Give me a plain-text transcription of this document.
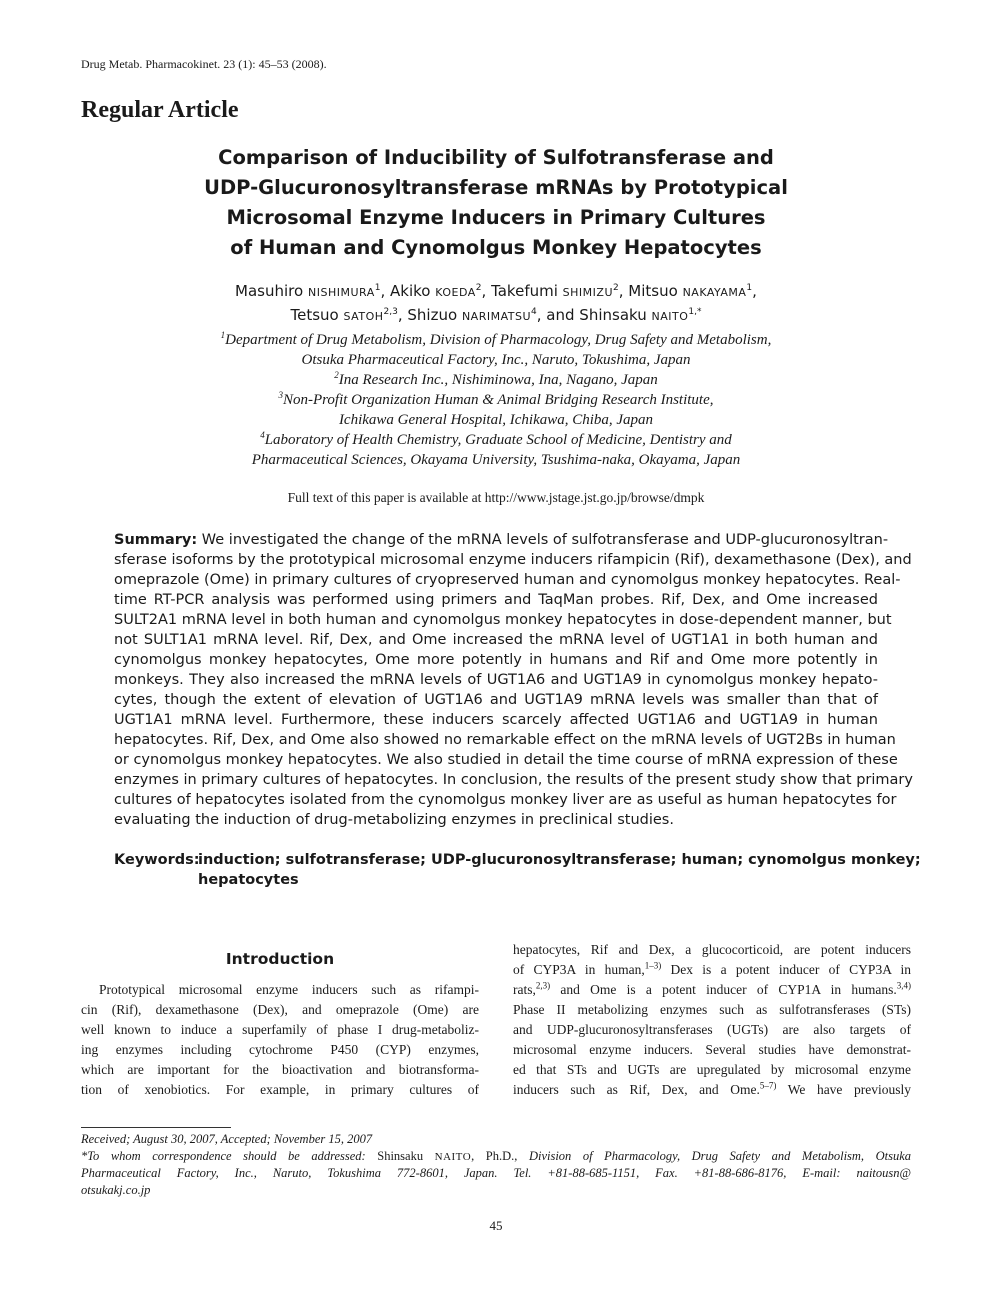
Drug Metab. Pharmacokinet. 23 (1): 45–53 (2008).
Regular Article
Comparison of Inducibility of Sulfotransferase and
UDP-Glucuronosyltransferase mRNAs by Prototypical
Microsomal Enzyme Inducers in Primary Cultures
of Human and Cynomolgus Monkey Hepatocytes
Masuhiro NISHIMURA$^1$, Akiko KOEDA$^2$, Takefumi SHIMIZU$^2$, Mitsuo NAKAYAMA$^1$,
Tetsuo SATOH$^{2,3}$, Shizuo NARIMATSU$^4$, and Shinsaku $NAITO^{1,*}$
$^1$Department of Drug Metabolism, Division of Pharmacology, Drug Safety and Metabolism,
Otsuka Pharmaceutical Factory, Inc., Naruto, Tokushima, Japan
$^2$Ina Research Inc., Nishiminowa, Ina, Nagano, Japan
$^3$Non-Profit Organization Human & Animal Bridging Research Institute,
Ichikawa General Hospital, Ichikawa, Chiba, Japan
$^4$Laboratory of Health Chemistry, Graduate School of Medicine, Dentistry and
Pharmaceutical Sciences, Okayama University, Tsushima-naka, Okayama, Japan
Full text of this paper is available at http://www.jstage.jst.go.jp/browse/dmpk
Summary: We investigated the change of the mRNA levels of sulfotransferase and UDP-glucuronosyltran-
sferase isoforms by the prototypical microsomal enzyme inducers rifampicin (Rif), dexamethasone (Dex), and
omeprazole (Ome) in primary cultures of cryopreserved human and cynomolgus monkey hepatocytes. Real-
time RT-PCR analysis was performed using primers and TaqMan probes. Rif, Dex, and Ome increased
SULT2A1 mRNA level in both human and cynomolgus monkey hepatocytes in dose-dependent manner, but
not SULT1A1 mRNA level. Rif, Dex, and Ome increased the mRNA level of UGT1A1 in both human and
cynomolgus monkey hepatocytes, Ome more potently in humans and Rif and Ome more potently in
monkeys. They also increased the mRNA levels of UGT1A6 and UGT1A9 in cynomolgus monkey hepato-
cytes, though the extent of elevation of UGT1A6 and UGT1A9 mRNA levels was smaller than that of
UGT1A1 mRNA level. Furthermore, these inducers scarcely affected UGT1A6 and UGT1A9 in human
hepatocytes. Rif, Dex, and Ome also showed no remarkable effect on the mRNA levels of UGT2Bs in human
or cynomolgus monkey hepatocytes. We also studied in detail the time course of mRNA expression of these
enzymes in primary cultures of hepatocytes. In conclusion, the results of the present study show that primary
cultures of hepatocytes isolated from the cynomolgus monkey liver are as useful as human hepatocytes for
evaluating the induction of drug-metabolizing enzymes in preclinical studies.
Keywords:
induction; sulfotransferase; UDP-glucuronosyltransferase; human; cynomolgus monkey;
hepatocytes
Introduction
Prototypical microsomal enzyme inducers such as rifampi-
cin (Rif), dexamethasone (Dex), and omeprazole (Ome) are
well known to induce a superfamily of phase I drug-metaboliz-
ing enzymes including cytochrome P450 (CYP) enzymes,
which are important for the bioactivation and biotransforma-
tion of xenobiotics. For example, in primary cultures of
hepatocytes, Rif and Dex, a glucocorticoid, are potent inducers
of CYP3A in human,$^{1-3)}$ Dex is a potent inducer of CYP3A in
rats,$^{2,3)}$ and Ome is a potent inducer of CYP1A in humans.$^{3,4)}$
Phase II metabolizing enzymes such as sulfotransferases (STs)
and UDP-glucuronosyltransferases (UGTs) are also targets of
microsomal enzyme inducers. Several studies have demonstrat-
ed that STs and UGTs are upregulated by microsomal enzyme
inducers such as Rif, Dex, and Ome.$^{5-7)}$ We have previously
Received; August 30, 2007, Accepted; November 15, 2007
*To whom correspondence should be addressed: Shinsaku NAITO, Ph.D., Division of Pharmacology, Drug Safety and Metabolism, Otsuka
Pharmaceutical Factory, Inc., Naruto, Tokushima 772-8601, Japan. Tel. +81-88-685-1151, Fax. +81-88-686-8176, E-mail: naitousn@
otsukakj.co.jp
45
